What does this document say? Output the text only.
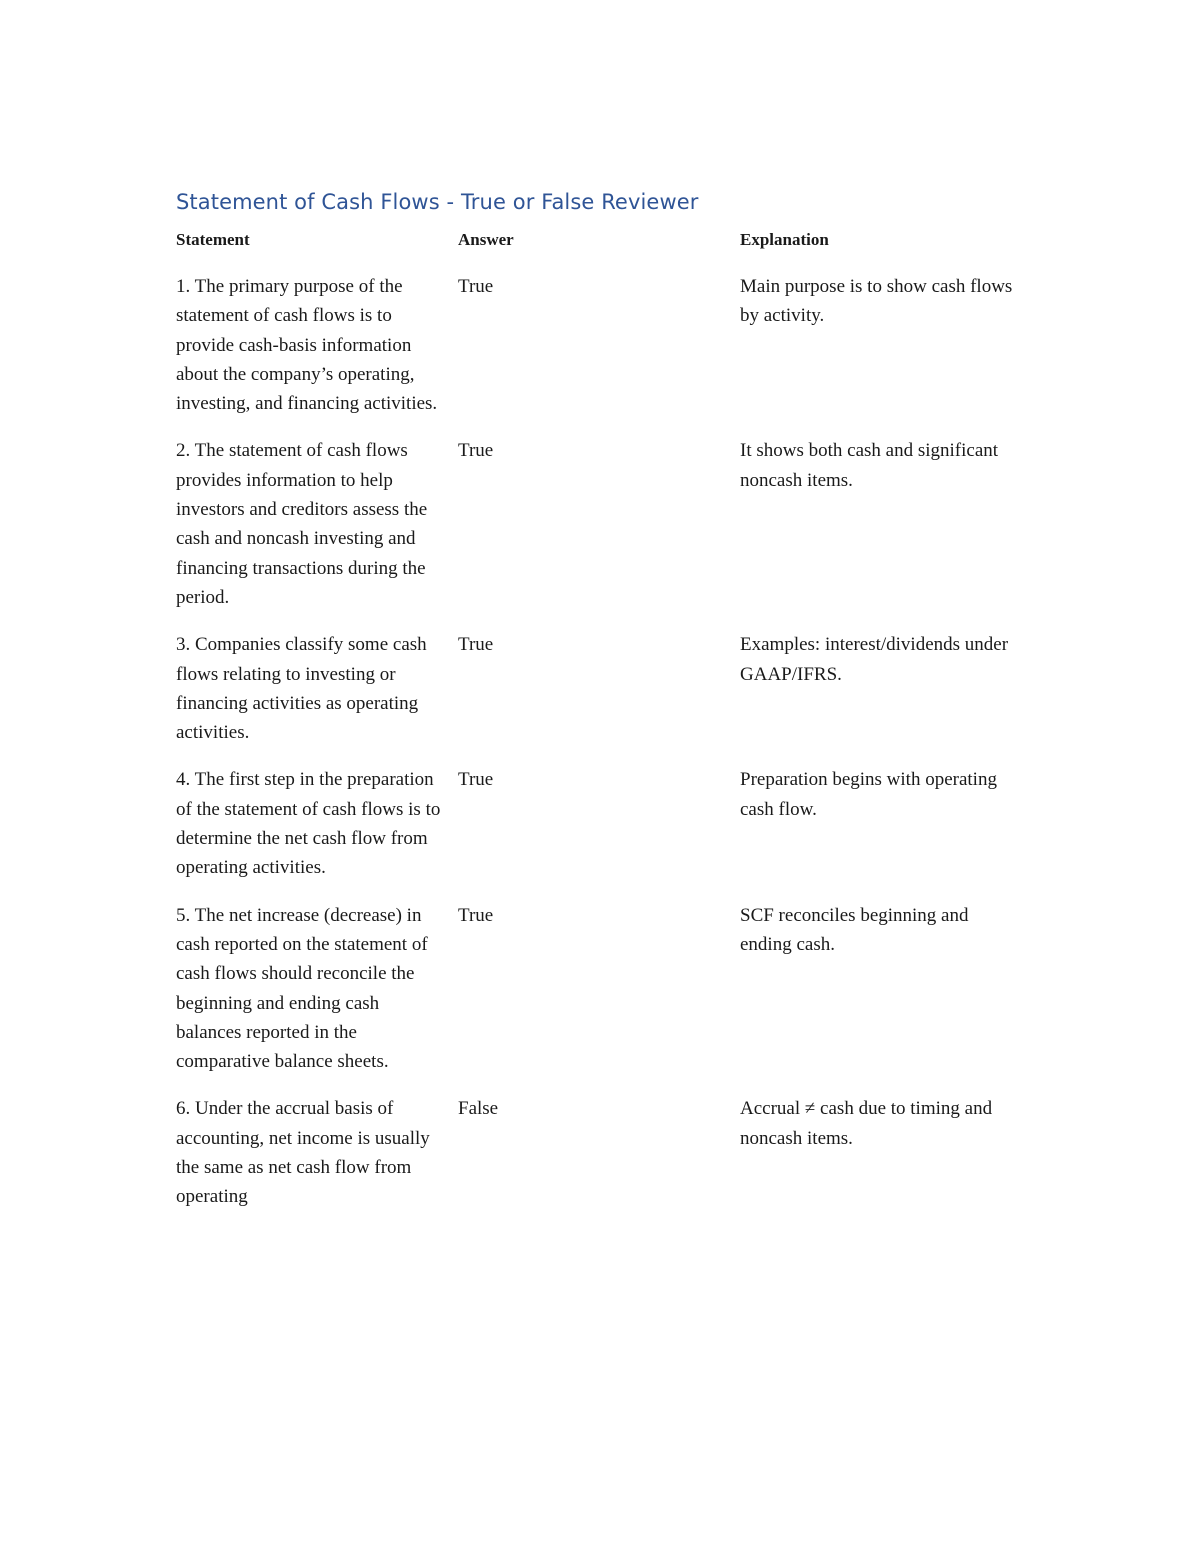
Statement of Cash Flows - True or False Reviewer
Statement	Answer	Explanation
1. The primary purpose of the statement of cash flows is to provide cash-basis information about the company’s operating, investing, and financing activities.	True	Main purpose is to show cash flows by activity.
2. The statement of cash flows provides information to help investors and creditors assess the cash and noncash investing and financing transactions during the period.	True	It shows both cash and significant noncash items.
3. Companies classify some cash flows relating to investing or financing activities as operating activities.	True	Examples: interest/dividends under GAAP/IFRS.
4. The first step in the preparation of the statement of cash flows is to determine the net cash flow from operating activities.	True	Preparation begins with operating cash flow.
5. The net increase (decrease) in cash reported on the statement of cash flows should reconcile the beginning and ending cash balances reported in the comparative balance sheets.	True	SCF reconciles beginning and ending cash.
6. Under the accrual basis of accounting, net income is usually the same as net cash flow from operating	False	Accrual ≠ cash due to timing and noncash items.
